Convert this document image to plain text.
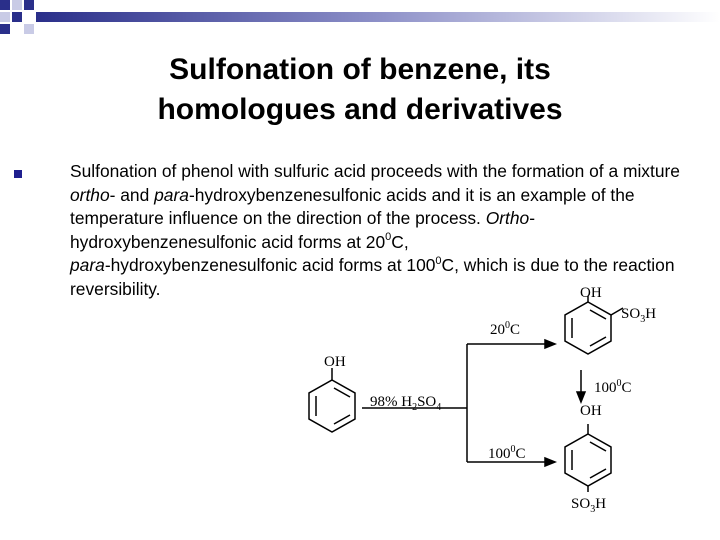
Sulfonation of benzene, its
homologues and derivatives
Sulfonation of phenol with sulfuric acid proceeds with the formation of a mixture ortho- and para-hydroxybenzenesulfonic acids and it is an example of the temperature influence on the direction of the process. Ortho-hydroxybenzenesulfonic acid forms at $20^0C$,
para-hydroxybenzenesulfonic acid forms at $100^0C$, which is due to the reaction reversibility.
OH
98% $H_2SO_4$
$20^0C$
$100^0C$
OH
$SO_3H$
$100^0C$
OH
$SO_3H$
